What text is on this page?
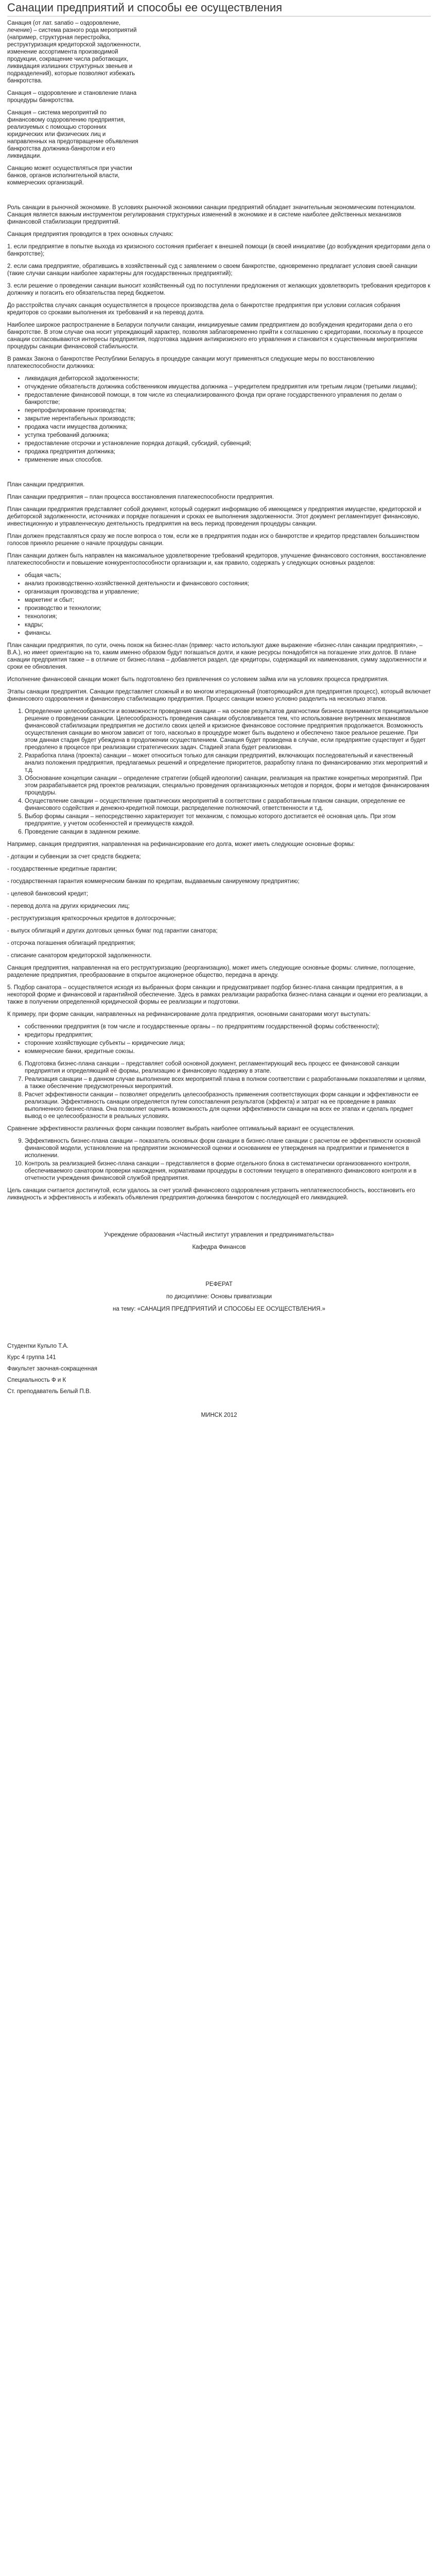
Санации предприятий и способы ее осуществления

Санация (от лат. sanatio – оздоровление, лечение) – система разного рода мероприятий (например, структурная перестройка, реструктуризация кредиторской задолженности, изменение ассортимента производимой продукции, сокращение числа работающих, ликвидация излишних структурных звеньев и подразделений), которые позволяют избежать банкротства.

Санация – оздоровление и становление плана процедуры банкротства.

Санация – система мероприятий по финансовому оздоровлению предприятия, реализуемых с помощью сторонних юридических или физических лиц и направленных на предотвращение объявления банкротства должника-банкротом и его ликвидации.

Санацию может осуществляться при участии банков, органов исполнительной власти, коммерческих организаций.

Роль санации в рыночной экономике. В условиях рыночной экономики санации предприятий обладает значительным экономическим потенциалом. Санация является важным инструментом регулирования структурных изменений в экономике и в системе наиболее действенных механизмов финансовой стабилизации предприятий.

Санация предприятия проводится в трех основных случаях:

1. если предприятие в попытке выхода из кризисного состояния прибегает к внешней помощи (в своей инициативе (до возбуждения кредиторами дела о банкротстве);

2. если сама предприятие, обратившись в хозяйственный суд с заявлением о своем банкротстве, одновременно предлагает условия своей санации (такие случаи санации наиболее характерны для государственных предприятий);

3. если решение о проведении санации выносит хозяйственный суд по поступлении предложения от желающих удовлетворить требования кредиторов к должнику и погасить его обязательства перед бюджетом.

До расстройства случаях санация осуществляется в процессе производства дела о банкротстве предприятия при условии согласия собрания кредиторов со сроками выполнения их требований и на перевод долга.

Наиболее широкое распространение в Беларуси получили санации, инициируемые самим предприятием до возбуждения кредиторами дела о его банкротстве. В этом случае она носит упреждающий характер, позволяя заблаговременно прийти к соглашению с кредиторами, поскольку в процессе санации согласовываются интересы предприятия, подготовка задания антикризисного его управления и становится к существенным мероприятиям процедуры санации финансовой стабильности.

В рамках Закона о банкротстве Республики Беларусь в процедуре санации могут применяться следующие меры по восстановлению платежеспособности должника:

• ликвидация дебиторской задолженности;
• отчуждение обязательств должника собственником имущества должника – учредителем предприятия или третьим лицом (третьими лицами);
• предоставление финансовой помощи, в том числе из специализированного фонда при органе государственного управления по делам о банкротстве;
• перепрофилирование производства;
• закрытие нерентабельных производств;
• продажа части имущества должника;
• уступка требований должника;
• предоставление отсрочки и установление порядка дотаций, субсидий, субвенций;
• продажа предприятия должника;
• применение иных способов.

План санации предприятия.

План санации предприятия – план процесса восстановления платежеспособности предприятия.

План санации предприятия представляет собой документ, который содержит информацию об имеющемся у предприятия имуществе, кредиторской и дебиторской задолженности, источниках и порядке погашения и сроках ее выполнения задолженности. Этот документ регламентирует финансовую, инвестиционную и управленческую деятельность предприятия на весь период проведения процедуры санации.

План должен представляться сразу же после вопроса о том, если же в предприятия подан иск о банкротстве и кредитор представлен большинством голосов приняло решение о начале процедуры санации.

План санации должен быть направлен на максимальное удовлетворение требований кредиторов, улучшение финансового состояния, восстановление платежеспособности и повышение конкурентоспособности организации и, как правило, содержать у следующих основных разделов:

• общая часть;
• анализ производственно-хозяйственной деятельности и финансового состояния;
• организация производства и управление;
• маркетинг и сбыт;
• производство и технологии;
• технология;
• кадры;
• финансы.

План санации предприятия, по сути, очень похож на бизнес-план (пример: часто используют даже выражение «бизнес-план санации предприятия», – В.А.), но имеет ориентацию на то, каким именно образом будут погашаться долги, и какие ресурсы понадобятся на погашение этих долгов. В плане санации предприятия также – в отличие от бизнес-плана – добавляется раздел, где кредиторы, содержащий их наименования, сумму задолженности и сроки ее обновления.

Исполнение финансовой санации может быть подготовлено без привлечения со условием займа или на условиях процесса предприятия.

Этапы санации предприятия. Санации представляет сложный и во многом итерационный (повторяющийся для предприятия процесс), который включает финансового оздоровления и финансовую стабилизацию предприятия. Процесс санации можно условно разделить на несколько этапов.

1. Определение целесообразности и возможности проведения санации – на основе результатов диагностики бизнеса принимается принципиальное решение о проведении санации. Целесообразность проведения санации обусловливается тем, что использование внутренних механизмов финансовой стабилизации предприятия не достигло своих целей и кризисное финансовое состояние предприятия продолжается. Возможность осуществления санации во многом зависит от того, насколько в процедуре может быть выделено и обеспечено такое реальное решение. При этом данная стадия будет убеждена в продолжении осуществлением. Санация будет проведена в случае, если предприятие существует и будет преодолено в процессе при реализации стратегических задач. Стадией этапа будет реализован.
2. Разработка плана (проекта) санации – может относиться только для санации предприятий, включающих последовательный и качественный анализ положения предприятия, предлагаемых решений и определение приоритетов, разработку плана по финансированию этих мероприятий и т.д.
3. Обоснование концепции санации – определение стратегии (общей идеологии) санации, реализация на практике конкретных мероприятий. При этом разрабатывается ряд проектов реализации, специально проведения организационных методов и порядок, форм и методов финансирования процедуры.
4. Осуществление санации – осуществление практических мероприятий в соответствии с разработанным планом санации, определение ее финансового содействия и денежно-кредитной помощи, распределение полномочий, ответственности и т.д.
5. Выбор формы санации – непосредственно характеризует тот механизм, с помощью которого достигается её основная цель. При этом предприятие, у учетом особенностей и преимуществ каждой.
6. Проведение санации в заданном режиме.

Например, санация предприятия, направленная на рефинансирование его долга, может иметь следующие основные формы:

- дотации и субвенции за счет средств бюджета;

- государственные кредитные гарантии;

- государственная гарантия коммерческим банкам по кредитам, выдаваемым санируемому предприятию;

- целевой банковский кредит;

- перевод долга на других юридических лиц;

- реструктуризация краткосрочных кредитов в долгосрочные;

- выпуск облигаций и других долговых ценных бумаг под гарантии санатора;

- отсрочка погашения облигаций предприятия;

- списание санатором кредиторской задолженности.

Санация предприятия, направленная на его реструктуризацию (реорганизацию), может иметь следующие основные формы: слияние, поглощение, разделение предприятия, преобразование в открытое акционерное общество, передача в аренду.

5. Подбор санатора – осуществляется исходя из выбранных форм санации и предусматривает подбор бизнес-плана санации предприятия, а в некоторой форме и финансовой и гарантийной обеспечение. Здесь в рамках реализации разработка бизнес-плана санации и оценки его реализации, а также в получении определенной юридической формы ее реализации и подготовки.

К примеру, при форме санации, направленных на рефинансирование долга предприятия, основными санаторами могут выступать:

• собственники предприятия (в том числе и государственные органы – по предприятиям государственной формы собственности);
• кредиторы предприятия;
• сторонние хозяйствующие субъекты – юридические лица;
• коммерческие банки, кредитные союзы.
6. Подготовка бизнес-плана санации – представляет собой основной документ, регламентирующий весь процесс ее финансовой санации предприятия и определяющий её формы, реализацию и финансовую поддержку в этапе.
7. Реализация санации – в данном случае выполнение всех мероприятий плана в полном соответствии с разработанными показателями и целями, а также обеспечение предусмотренных мероприятий.
8. Расчет эффективности санации – позволяет определить целесообразность применения соответствующих форм санации и эффективности ее реализации. Эффективность санации определяется путем сопоставления результатов (эффекта) и затрат на ее проведение в рамках выполненного бизнес-плана. Она позволяет оценить возможность для оценки эффективности санации на всех ее этапах и сделать предмет вывод о ее целесообразности в реальных условиях.

Сравнение эффективности различных форм санации позволяет выбрать наиболее оптимальный вариант ее осуществления.

9. Эффективность бизнес-плана санации – показатель основных форм санации в бизнес-плане санации с расчетом ее эффективности основной финансовой модели, установление на предприятии экономической оценки и основанием ее утверждения на предприятии и применяется в исполнении.
10. Контроль за реализацией бизнес-плана санации – представляется в форме отдельного блока в систематически организованного контроля, обеспечиваемого санатором проверки нахождения, нормативами процедуры в состоянии текущего в оперативного финансового контроля и в отчетности учреждения финансовой службой предприятия.

Цель санации считается достигнутой, если удалось за счет усилий финансового оздоровления устранить неплатежеспособность, восстановить его ликвидность и эффективность и избежать объявления предприятия-должника банкротом с последующей его ликвидацией.

Учреждение образования «Частный институт управления и предпринимательства»

Кафедра Финансов

РЕФЕРАТ

по дисциплине: Основы приватизации

на тему: «САНАЦИЯ ПРЕДПРИЯТИЙ И СПОСОБЫ ЕЕ ОСУЩЕСТВЛЕНИЯ.»

Студентки Кульпо Т.А.

Курс 4 группа 141

Факультет заочная-сокращенная

Специальность Ф и К

Ст. преподаватель Белый П.В.

МИНСК 2012
